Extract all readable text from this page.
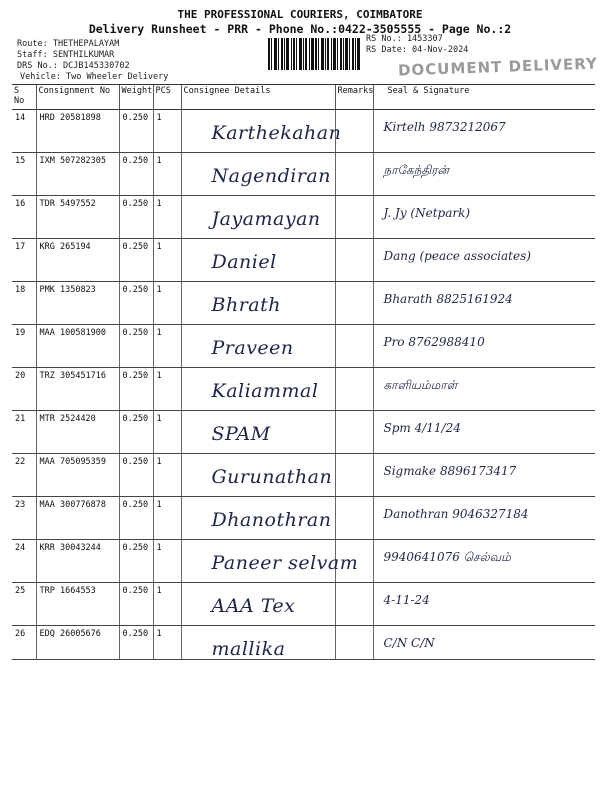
THE PROFESSIONAL COURIERS, COIMBATORE
Delivery Runsheet - PRR - Phone No.:0422-3505555 - Page No.:2
Route: THETHEPALAYAM
Staff: SENTHILKUMAR
DRS No.: DCJB145330702
Vehicle: Two Wheeler Delivery
RS No.: 1453307
RS Date: 04-Nov-2024
DOCUMENT DELIVERY
S No	Consignment No	Weight	PCS	Consignee Details	Remarks	Seal & Signature
14	HRD 20581898	0.250	1	Karthekahan		Kirtelh 9873212067

15	IXM 507282305	0.250	1	Nagendiran		நாகேந்திரன்

16	TDR 5497552	0.250	1	Jayamayan		J. Jy (Netpark)

17	KRG 265194	0.250	1	Daniel		Dang (peace associates)

18	PMK 1350823	0.250	1	Bhrath		Bharath 8825161924

19	MAA 100581900	0.250	1	Praveen		Pro 8762988410

20	TRZ 305451716	0.250	1	Kaliammal		காளியம்மாள்

21	MTR 2524420	0.250	1	SPAM		Spm 4/11/24

22	MAA 705095359	0.250	1	Gurunathan		Sigmake 8896173417

23	MAA 300776878	0.250	1	Dhanothran		Danothran 9046327184

24	KRR 30043244	0.250	1	Paneer selvam		9940641076 செல்வம்

25	TRP 1664553	0.250	1	AAA Tex		4-11-24

26	EDQ 26005676	0.250	1	mallika		C/N C/N
